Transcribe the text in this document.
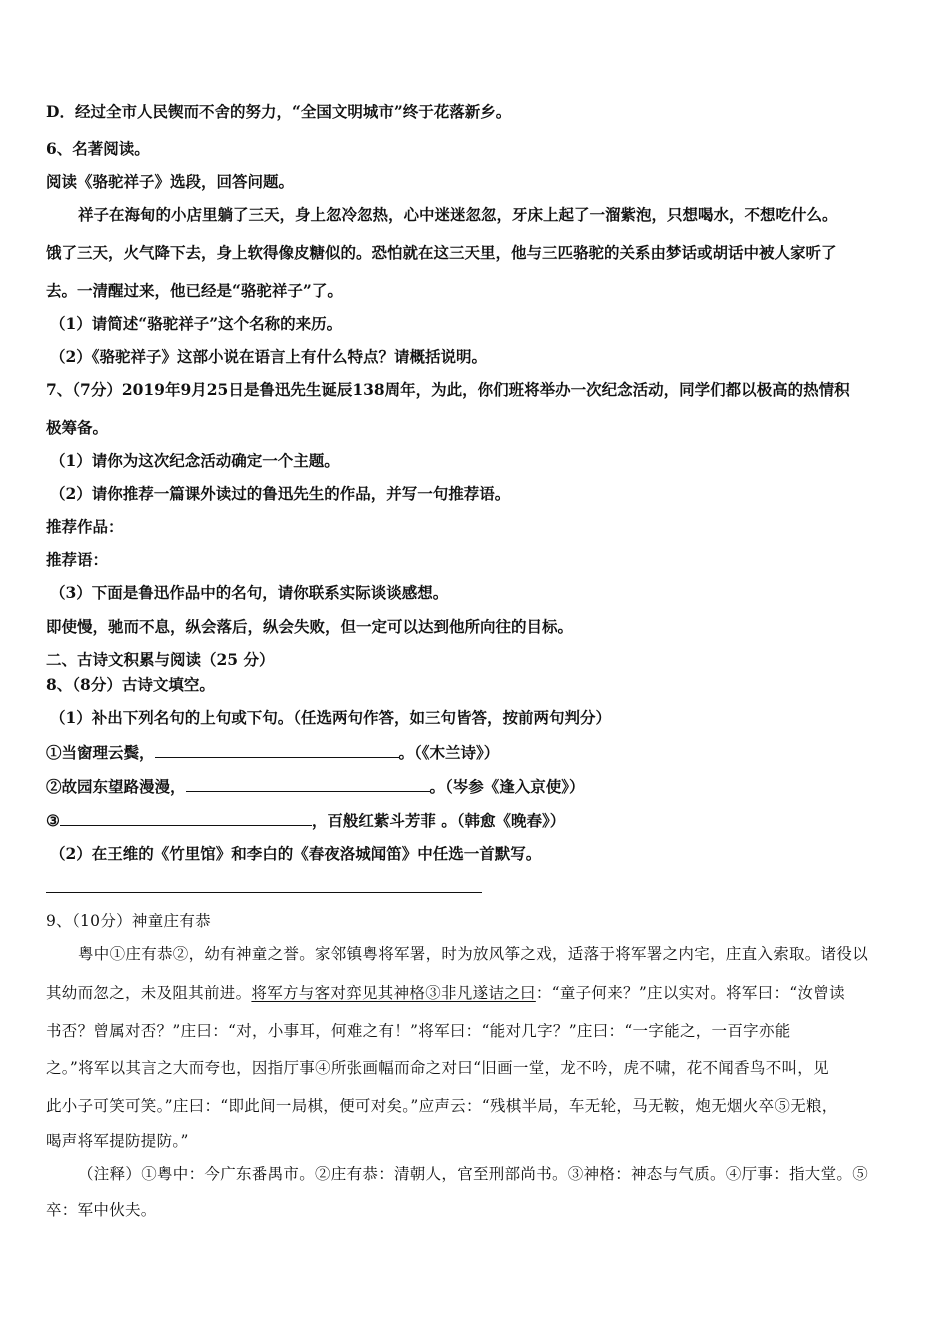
D．经过全市人民锲而不舍的努力，“全国文明城市”终于花落新乡。
6、名著阅读。
阅读《骆驼祥子》选段，回答问题。
祥子在海甸的小店里躺了三天，身上忽冷忽热，心中迷迷忽忽，牙床上起了一溜紫泡，只想喝水，不想吃什么。
饿了三天，火气降下去，身上软得像皮糖似的。恐怕就在这三天里，他与三匹骆驼的关系由梦话或胡话中被人家听了
去。一清醒过来，他已经是“骆驼祥子”了。
（1）请简述“骆驼祥子”这个名称的来历。
（2）《骆驼祥子》这部小说在语言上有什么特点？请概括说明。
7、（7分）2019年9月25日是鲁迅先生诞辰138周年，为此，你们班将举办一次纪念活动，同学们都以极高的热情积
极筹备。
（1）请你为这次纪念活动确定一个主题。
（2）请你推荐一篇课外读过的鲁迅先生的作品，并写一句推荐语。
推荐作品：
推荐语：
（3）下面是鲁迅作品中的名句，请你联系实际谈谈感想。
即使慢，驰而不息，纵会落后，纵会失败，但一定可以达到他所向往的目标。
二、古诗文积累与阅读（25 分）
8、（8分）古诗文填空。
（1）补出下列名句的上句或下句。（任选两句作答，如三句皆答，按前两句判分）
①当窗理云鬓，	。（《木兰诗》）
②故园东望路漫漫，	。（岑参《逢入京使》）
③	，百般红紫斗芳菲 。（韩愈《晚春》）
（2）在王维的《竹里馆》和李白的《春夜洛城闻笛》中任选一首默写。
9、（10分）神童庄有恭
粤中①庄有恭②，幼有神童之誉。家邻镇粤将军署，时为放风筝之戏，适落于将军署之内宅，庄直入索取。诸役以
其幼而忽之，未及阻其前进。将军方与客对弈见其神格③非凡遂诘之曰：“童子何来？”庄以实对。将军曰：“汝曾读
书否？曾属对否？”庄曰：“对，小事耳，何难之有！”将军曰：“能对几字？”庄曰：“一字能之，一百字亦能
之。”将军以其言之大而夸也，因指厅事④所张画幅而命之对曰“旧画一堂，龙不吟，虎不啸，花不闻香鸟不叫，见
此小子可笑可笑。”庄曰：“即此间一局棋，便可对矣。”应声云：“残棋半局，车无轮，马无鞍，炮无烟火卒⑤无粮，
喝声将军提防提防。”
（注释）①粤中：今广东番禺市。②庄有恭：清朝人，官至刑部尚书。③神格：神态与气质。④厅事：指大堂。⑤
卒：军中伙夫。
